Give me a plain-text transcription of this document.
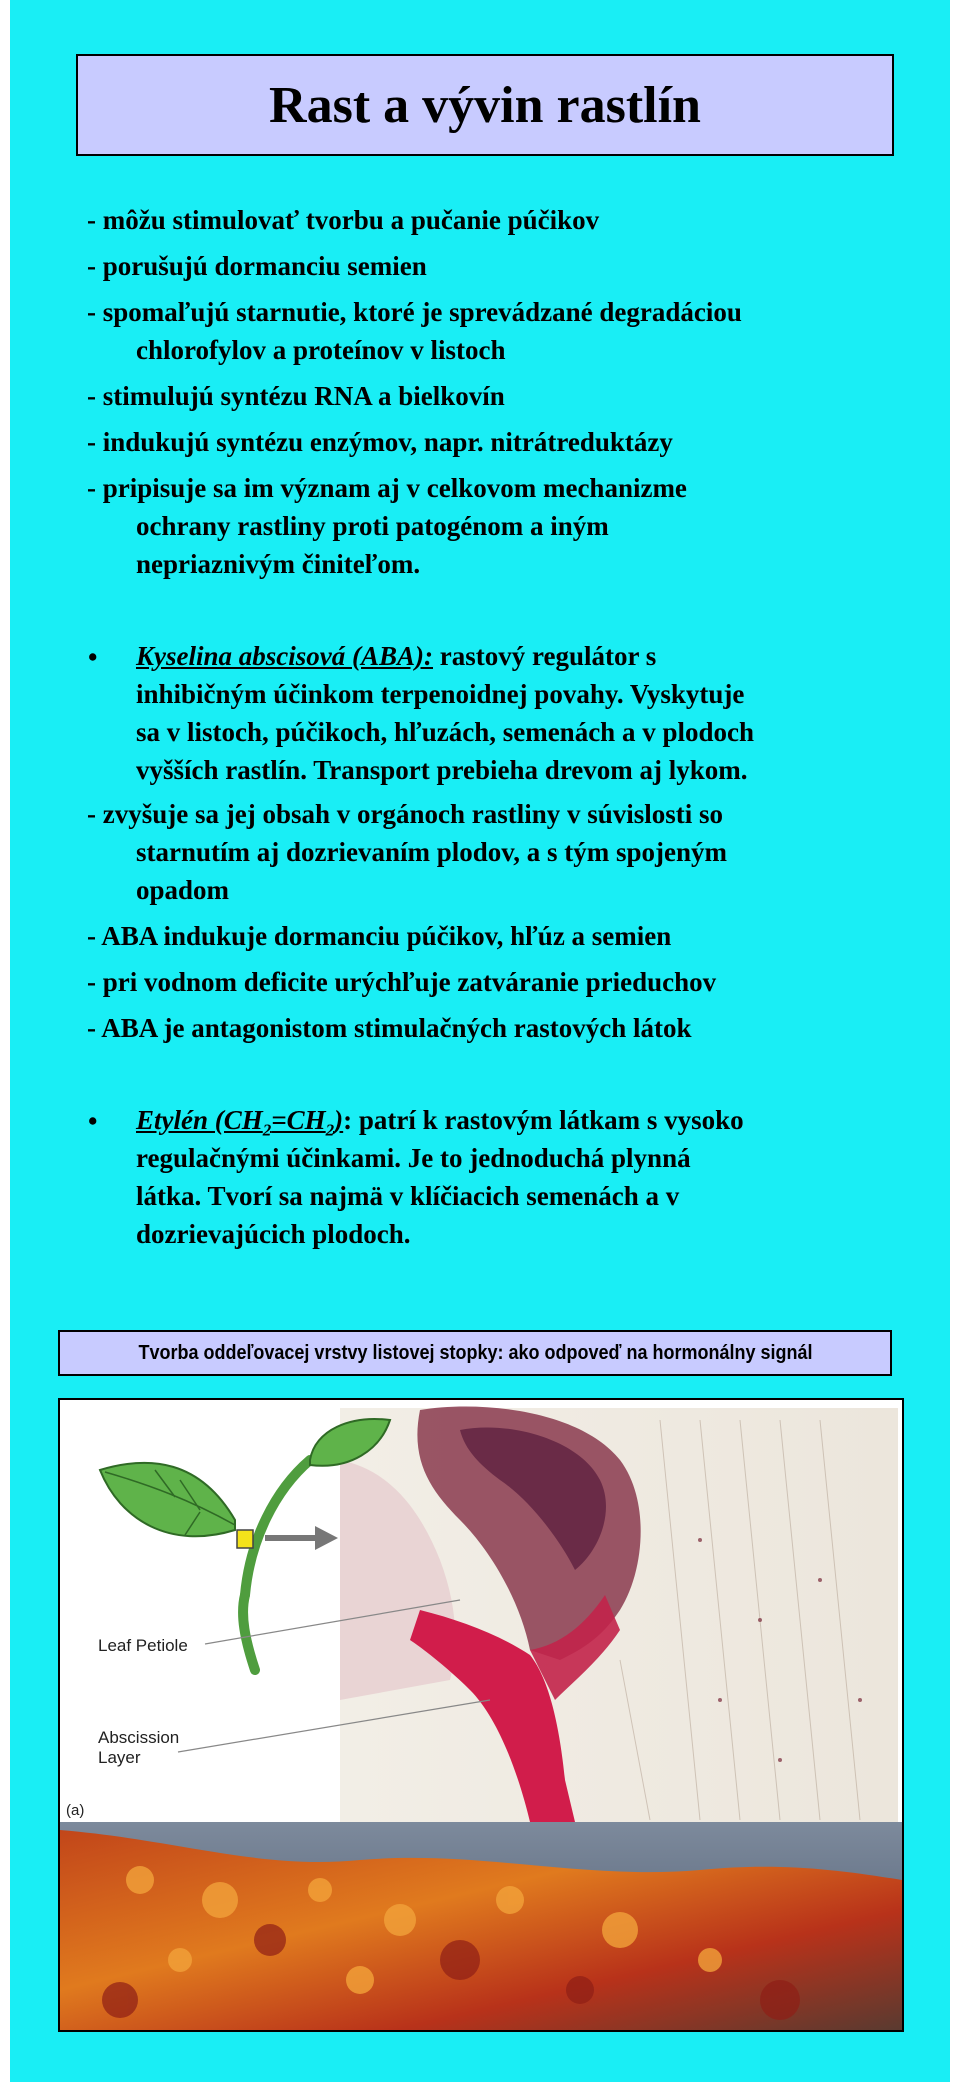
Rast a vývin rastlín
- môžu stimulovať tvorbu a pučanie púčikov
- porušujú dormanciu semien
- spomaľujú starnutie, ktoré je sprevádzané degradáciou
chlorofylov a proteínov v listoch
- stimulujú syntézu RNA a bielkovín
- indukujú syntézu enzýmov, napr. nitrátreduktázy
- pripisuje sa im význam aj v celkovom mechanizme
ochrany rastliny proti patogénom a iným
nepriaznivým činiteľom.
• Kyselina abscisová (ABA): rastový regulátor s
inhibičným účinkom terpenoidnej povahy. Vyskytuje
sa v listoch, púčikoch, hľuzách, semenách a v plodoch
vyšších rastlín. Transport prebieha drevom aj lykom.
- zvyšuje sa jej obsah v orgánoch rastliny v súvislosti so
starnutím aj dozrievaním plodov, a s tým spojeným
opadom
- ABA indukuje dormanciu púčikov, hľúz a semien
- pri vodnom deficite urýchľuje zatváranie prieduchov
- ABA je antagonistom stimulačných rastových látok
• Etylén $(CH_2=CH_2)$: patrí k rastovým látkam s vysoko
regulačnými účinkami. Je to jednoduchá plynná
látka. Tvorí sa najmä v klíčiacich semenách a v
dozrievajúcich plodoch.
Tvorba oddeľovacej vrstvy listovej stopky: ako odpoveď na hormonálny signál
Leaf Petiole
Abscission
Layer
(a)
